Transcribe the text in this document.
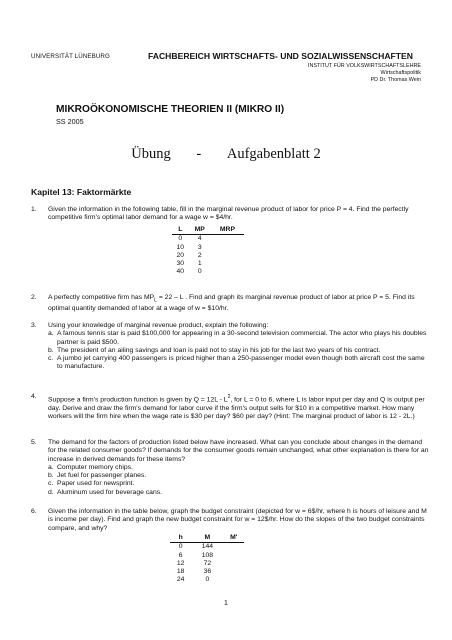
UNIVERSITÄT LÜNEBURG	FACHBEREICH WIRTSCHAFTS- UND SOZIALWISSENSCHAFTEN
INSTITUT FÜR VOLKSWIRTSCHAFTSLEHRE
Wirtschaftspolitik
PD Dr. Thomas Wein
MIKROÖKONOMISCHE THEORIEN II (MIKRO II)
SS 2005
Übung - Aufgabenblatt 2
Kapitel 13: Faktormärkte
1. Given the information in the following table, fill in the marginal revenue product of labor for price P = 4. Find the perfectly competitive firm's optimal labor demand for a wage w = $4/hr.
L	MP	MRP
0	4	
10	3	
20	2	
30	1	
40	0	
2. A perfectly competitive firm has $MP_L = 22 - L$ . Find and graph its marginal revenue product of labor at price P = 5. Find its optimal quantity demanded of labor at a wage of w = $10/hr.
3. Using your knowledge of marginal revenue product, explain the following:
a. A famous tennis star is paid $100,000 for appearing in a 30-second television commercial. The actor who plays his doubles partner is paid $500.
b. The president of an ailing savings and loan is paid not to stay in his job for the last two years of his contract.
c. A jumbo jet carrying 400 passengers is priced higher than a 250-passenger model even though both aircraft cost the same to manufacture.
4. Suppose a firm's production function is given by $Q = 12L - L^2$, for L = 0 to 6, where L is labor input per day and Q is output per day. Derive and draw the firm's demand for labor curve if the firm's output sells for $10 in a competitive market. How many workers will the firm hire when the wage rate is $30 per day? $60 per day? (Hint: The marginal product of labor is 12 - 2L.)
5. The demand for the factors of production listed below have increased. What can you conclude about changes in the demand for the related consumer goods? If demands for the consumer goods remain unchanged, what other explanation is there for an increase in derived demands for these items?
a. Computer memory chips.
b. Jet fuel for passenger planes.
c. Paper used for newsprint.
d. Aluminum used for beverage cans.
6. Given the information in the table below, graph the budget constraint (depicted for w = 6$/hr, where h is hours of leisure and M is income per day). Find and graph the new budget constraint for w = 12$/hr. How do the slopes of the two budget constraints compare, and why?
h	M	M'
0	144	
6	108	
12	72	
18	36	
24	0	
1
